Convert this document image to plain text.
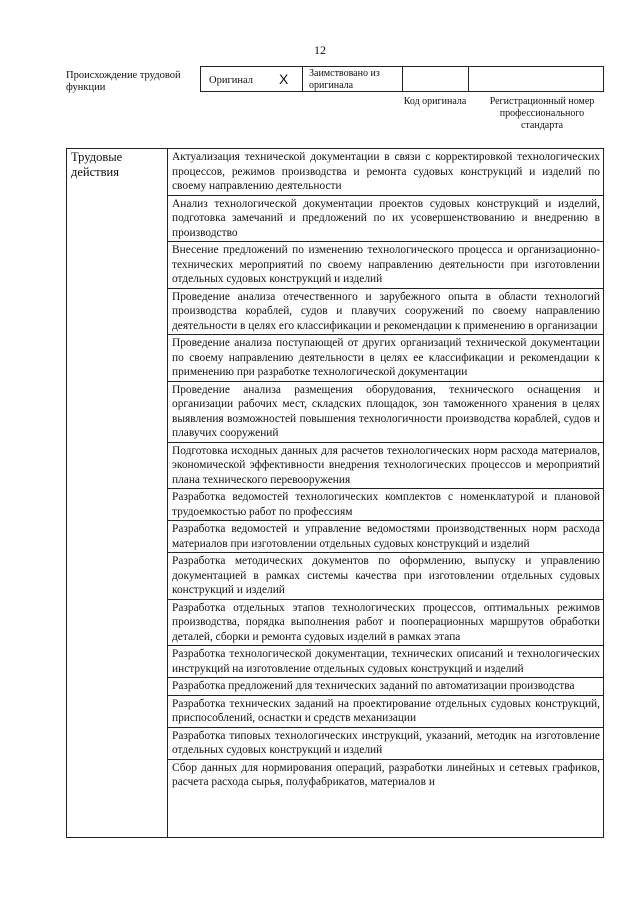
12
Происхождение трудовой функции
Оригинал X	Заимствовано из оригинала
Код оригинала	Регистрационный номер профессионального стандарта
Трудовые действия
Актуализация технической документации в связи с корректировкой технологических процессов, режимов производства и ремонта судовых конструкций и изделий по своему направлению деятельности
Анализ технологической документации проектов судовых конструкций и изделий, подготовка замечаний и предложений по их усовершенствованию и внедрению в производство
Внесение предложений по изменению технологического процесса и организационно-технических мероприятий по своему направлению деятельности при изготовлении отдельных судовых конструкций и изделий
Проведение анализа отечественного и зарубежного опыта в области технологий производства кораблей, судов и плавучих сооружений по своему направлению деятельности в целях его классификации и рекомендации к применению в организации
Проведение анализа поступающей от других организаций технической документации по своему направлению деятельности в целях ее классификации и рекомендации к применению при разработке технологической документации
Проведение анализа размещения оборудования, технического оснащения и организации рабочих мест, складских площадок, зон таможенного хранения в целях выявления возможностей повышения технологичности производства кораблей, судов и плавучих сооружений
Подготовка исходных данных для расчетов технологических норм расхода материалов, экономической эффективности внедрения технологических процессов и мероприятий плана технического перевооружения
Разработка ведомостей технологических комплектов с номенклатурой и плановой трудоемкостью работ по профессиям
Разработка ведомостей и управление ведомостями производственных норм расхода материалов при изготовлении отдельных судовых конструкций и изделий
Разработка методических документов по оформлению, выпуску и управлению документацией в рамках системы качества при изготовлении отдельных судовых конструкций и изделий
Разработка отдельных этапов технологических процессов, оптимальных режимов производства, порядка выполнения работ и пооперационных маршрутов обработки деталей, сборки и ремонта судовых изделий в рамках этапа
Разработка технологической документации, технических описаний и технологических инструкций на изготовление отдельных судовых конструкций и изделий
Разработка предложений для технических заданий по автоматизации производства
Разработка технических заданий на проектирование отдельных судовых конструкций, приспособлений, оснастки и средств механизации
Разработка типовых технологических инструкций, указаний, методик на изготовление отдельных судовых конструкций и изделий
Сбор данных для нормирования операций, разработки линейных и сетевых графиков, расчета расхода сырья, полуфабрикатов, материалов и
